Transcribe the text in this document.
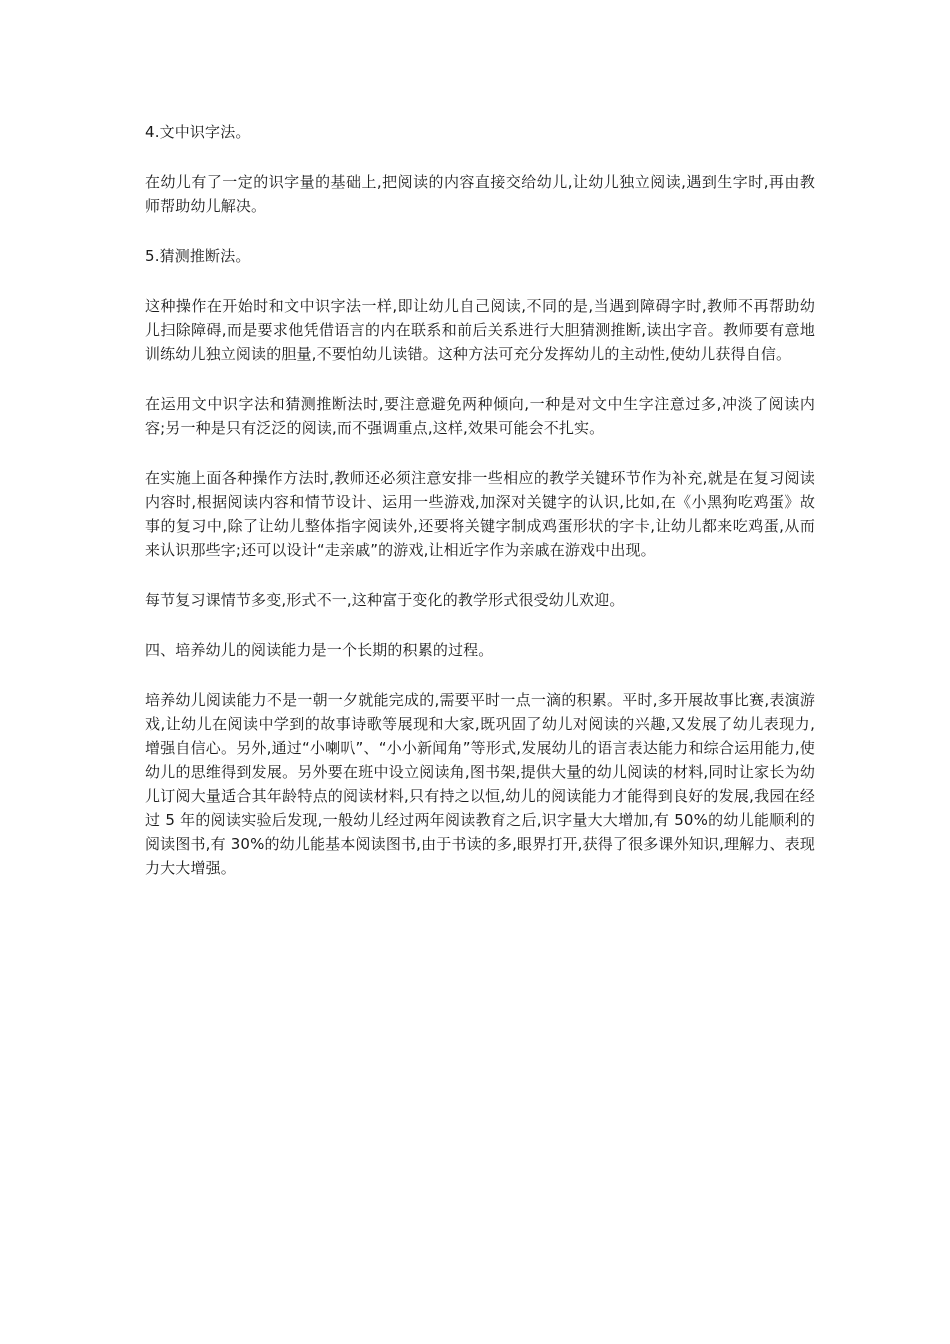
4.文中识字法。

在幼儿有了一定的识字量的基础上,把阅读的内容直接交给幼儿,让幼儿独立阅读,遇到生字时,再由教师帮助幼儿解决。

5.猜测推断法。

这种操作在开始时和文中识字法一样,即让幼儿自己阅读,不同的是,当遇到障碍字时,教师不再帮助幼儿扫除障碍,而是要求他凭借语言的内在联系和前后关系进行大胆猜测推断,读出字音。教师要有意地训练幼儿独立阅读的胆量,不要怕幼儿读错。这种方法可充分发挥幼儿的主动性,使幼儿获得自信。

在运用文中识字法和猜测推断法时,要注意避免两种倾向,一种是对文中生字注意过多,冲淡了阅读内容;另一种是只有泛泛的阅读,而不强调重点,这样,效果可能会不扎实。

在实施上面各种操作方法时,教师还必须注意安排一些相应的教学关键环节作为补充,就是在复习阅读内容时,根据阅读内容和情节设计、运用一些游戏,加深对关键字的认识,比如,在《小黑狗吃鸡蛋》故事的复习中,除了让幼儿整体指字阅读外,还要将关键字制成鸡蛋形状的字卡,让幼儿都来吃鸡蛋,从而来认识那些字;还可以设计“走亲戚”的游戏,让相近字作为亲戚在游戏中出现。

每节复习课情节多变,形式不一,这种富于变化的教学形式很受幼儿欢迎。

四、培养幼儿的阅读能力是一个长期的积累的过程。

培养幼儿阅读能力不是一朝一夕就能完成的,需要平时一点一滴的积累。平时,多开展故事比赛,表演游戏,让幼儿在阅读中学到的故事诗歌等展现和大家,既巩固了幼儿对阅读的兴趣,又发展了幼儿表现力,增强自信心。另外,通过“小喇叭”、“小小新闻角”等形式,发展幼儿的语言表达能力和综合运用能力,使幼儿的思维得到发展。另外要在班中设立阅读角,图书架,提供大量的幼儿阅读的材料,同时让家长为幼儿订阅大量适合其年龄特点的阅读材料,只有持之以恒,幼儿的阅读能力才能得到良好的发展,我园在经过 5 年的阅读实验后发现,一般幼儿经过两年阅读教育之后,识字量大大增加,有 50%的幼儿能顺利的阅读图书,有 30%的幼儿能基本阅读图书,由于书读的多,眼界打开,获得了很多课外知识,理解力、表现力大大增强。
